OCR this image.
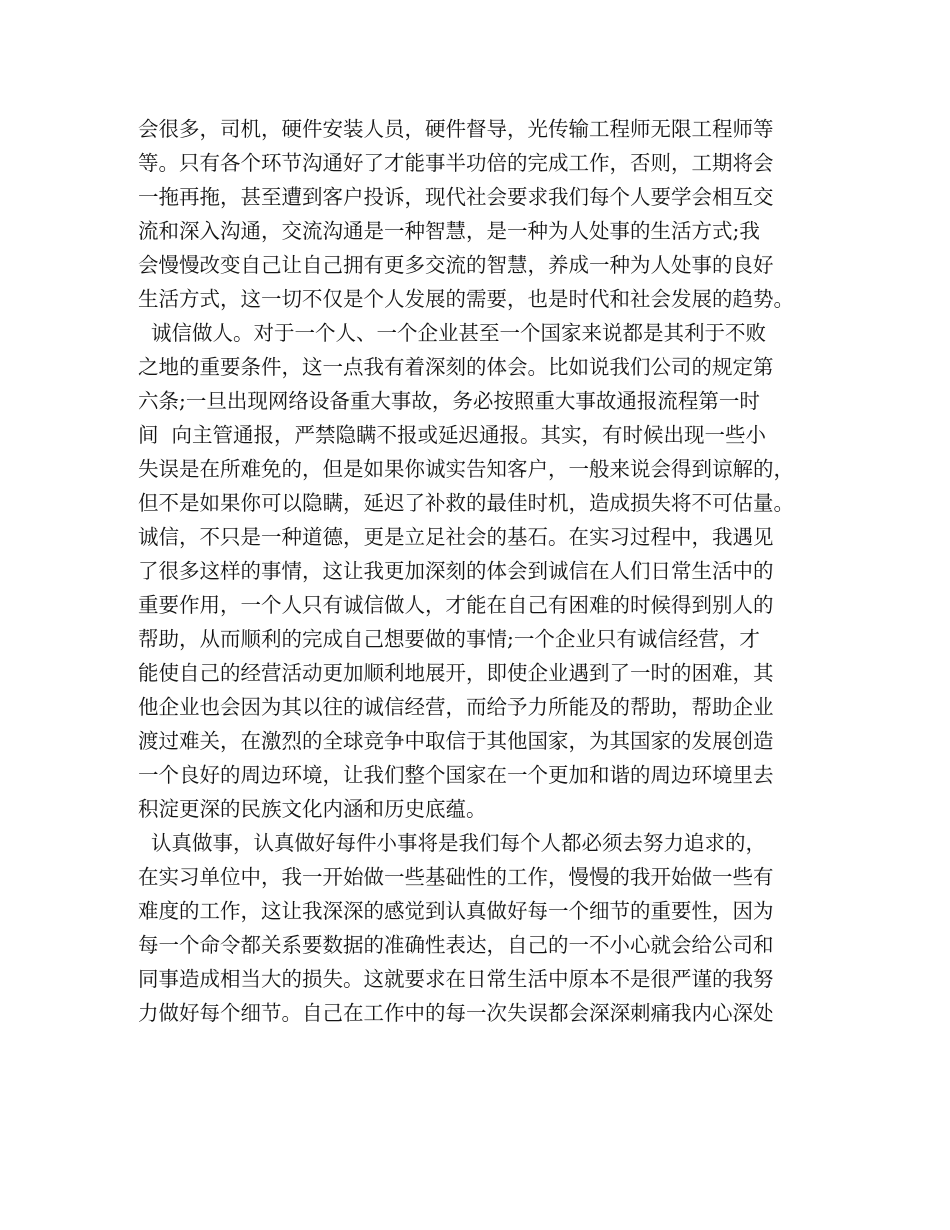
会很多，司机，硬件安装人员，硬件督导，光传输工程师无限工程师等
等。只有各个环节沟通好了才能事半功倍的完成工作，否则，工期将会
一拖再拖，甚至遭到客户投诉，现代社会要求我们每个人要学会相互交
流和深入沟通，交流沟通是一种智慧，是一种为人处事的生活方式;我
会慢慢改变自己让自己拥有更多交流的智慧，养成一种为人处事的良好
生活方式，这一切不仅是个人发展的需要，也是时代和社会发展的趋势。
诚信做人。对于一个人、一个企业甚至一个国家来说都是其利于不败
之地的重要条件，这一点我有着深刻的体会。比如说我们公司的规定第
六条;一旦出现网络设备重大事故，务必按照重大事故通报流程第一时
间  向主管通报，严禁隐瞒不报或延迟通报。其实，有时候出现一些小
失误是在所难免的，但是如果你诚实告知客户，一般来说会得到谅解的，
但不是如果你可以隐瞒，延迟了补救的最佳时机，造成损失将不可估量。
诚信，不只是一种道德，更是立足社会的基石。在实习过程中，我遇见
了很多这样的事情，这让我更加深刻的体会到诚信在人们日常生活中的
重要作用，一个人只有诚信做人，才能在自己有困难的时候得到别人的
帮助，从而顺利的完成自己想要做的事情;一个企业只有诚信经营，才
能使自己的经营活动更加顺利地展开，即使企业遇到了一时的困难，其
他企业也会因为其以往的诚信经营，而给予力所能及的帮助，帮助企业
渡过难关，在激烈的全球竞争中取信于其他国家，为其国家的发展创造
一个良好的周边环境，让我们整个国家在一个更加和谐的周边环境里去
积淀更深的民族文化内涵和历史底蕴。
认真做事，认真做好每件小事将是我们每个人都必须去努力追求的，
在实习单位中，我一开始做一些基础性的工作，慢慢的我开始做一些有
难度的工作，这让我深深的感觉到认真做好每一个细节的重要性，因为
每一个命令都关系要数据的准确性表达，自己的一不小心就会给公司和
同事造成相当大的损失。这就要求在日常生活中原本不是很严谨的我努
力做好每个细节。自己在工作中的每一次失误都会深深刺痛我内心深处
